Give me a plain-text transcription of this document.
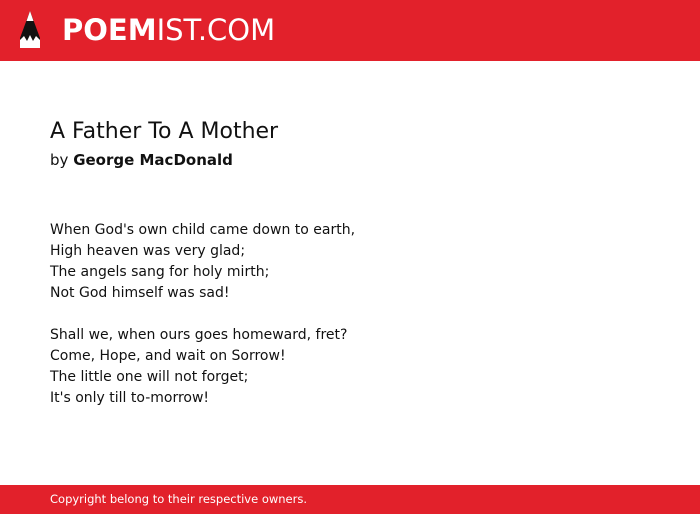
POEMIST.COM
A Father To A Mother
by George MacDonald
When God's own child came down to earth,
High heaven was very glad;
The angels sang for holy mirth;
Not God himself was sad!
Shall we, when ours goes homeward, fret?
Come, Hope, and wait on Sorrow!
The little one will not forget;
It's only till to-morrow!
Copyright belong to their respective owners.
